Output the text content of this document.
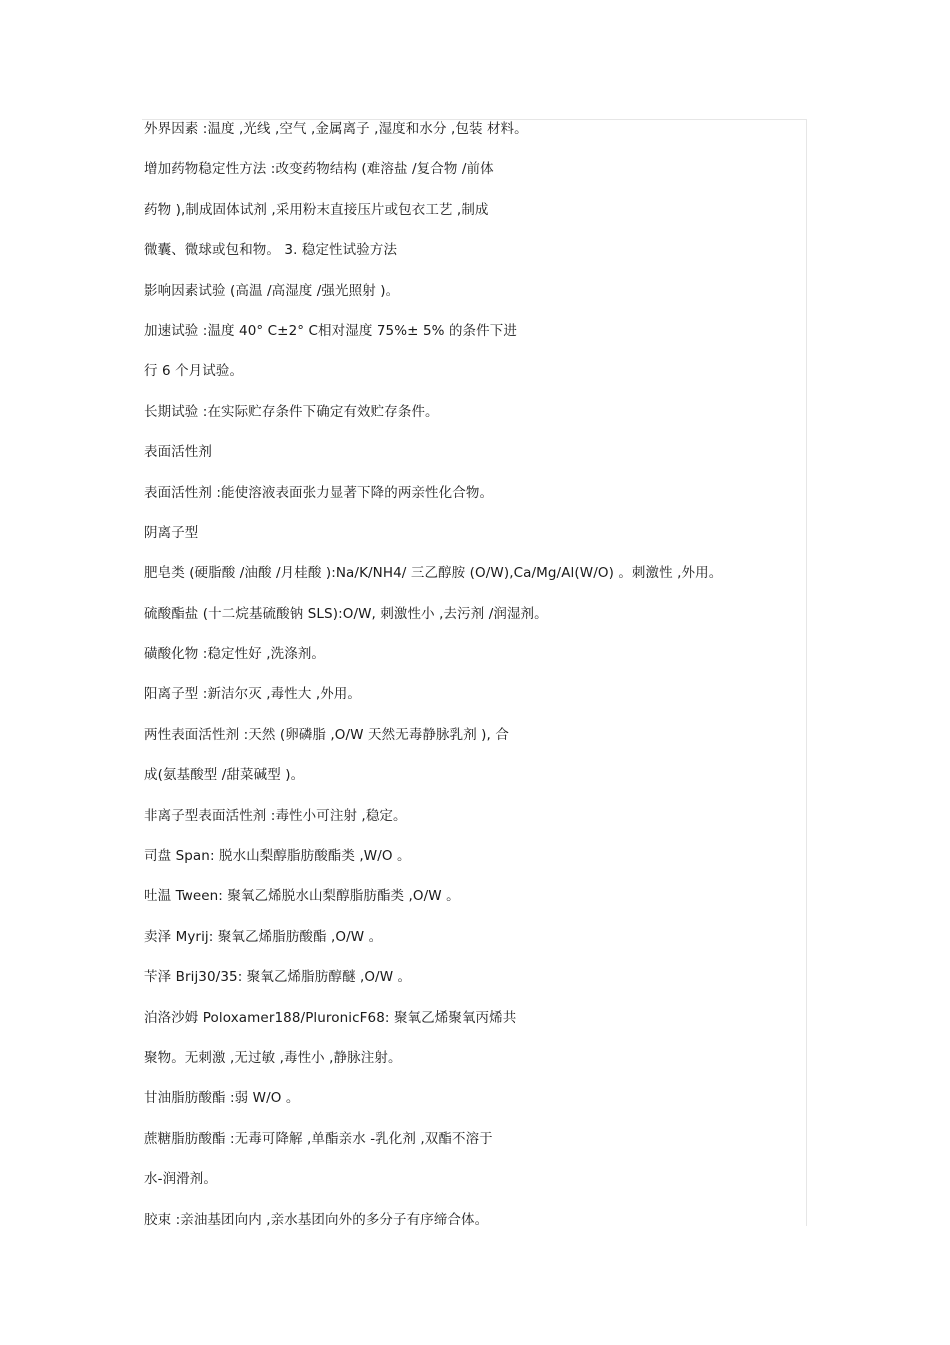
外界因素 :温度 ,光线 ,空气 ,金属离子 ,湿度和水分 ,包装 材料。
增加药物稳定性方法 :改变药物结构 (难溶盐 /复合物 /前体
药物 ),制成固体试剂 ,采用粉末直接压片或包衣工艺 ,制成
微囊、微球或包和物。 3. 稳定性试验方法
影响因素试验 (高温 /高湿度 /强光照射 )。
加速试验 :温度 40° C±2° C相对湿度 75%± 5% 的条件下进
行 6 个月试验。
长期试验 :在实际贮存条件下确定有效贮存条件。
表面活性剂
表面活性剂 :能使溶液表面张力显著下降的两亲性化合物。
阴离子型
肥皂类 (硬脂酸 /油酸 /月桂酸 ):Na/K/NH4/ 三乙醇胺 (O/W),Ca/Mg/Al(W/O) 。刺激性 ,外用。
硫酸酯盐 (十二烷基硫酸钠 SLS):O/W, 刺激性小 ,去污剂 /润湿剂。
磺酸化物 :稳定性好 ,洗涤剂。
阳离子型 :新洁尔灭 ,毒性大 ,外用。
两性表面活性剂 :天然 (卵磷脂 ,O/W 天然无毒静脉乳剂 ), 合
成(氨基酸型 /甜菜碱型 )。
非离子型表面活性剂 :毒性小可注射 ,稳定。
司盘 Span: 脱水山梨醇脂肪酸酯类 ,W/O 。
吐温 Tween: 聚氧乙烯脱水山梨醇脂肪酯类 ,O/W 。
卖泽 Myrij: 聚氧乙烯脂肪酸酯 ,O/W 。
苄泽 Brij30/35: 聚氧乙烯脂肪醇醚 ,O/W 。
泊洛沙姆 Poloxamer188/PluronicF68: 聚氧乙烯聚氧丙烯共
聚物。无刺激 ,无过敏 ,毒性小 ,静脉注射。
甘油脂肪酸酯 :弱 W/O 。
蔗糖脂肪酸酯 :无毒可降解 ,单酯亲水 -乳化剂 ,双酯不溶于
水-润滑剂。
胶束 :亲油基团向内 ,亲水基团向外的多分子有序缔合体。
